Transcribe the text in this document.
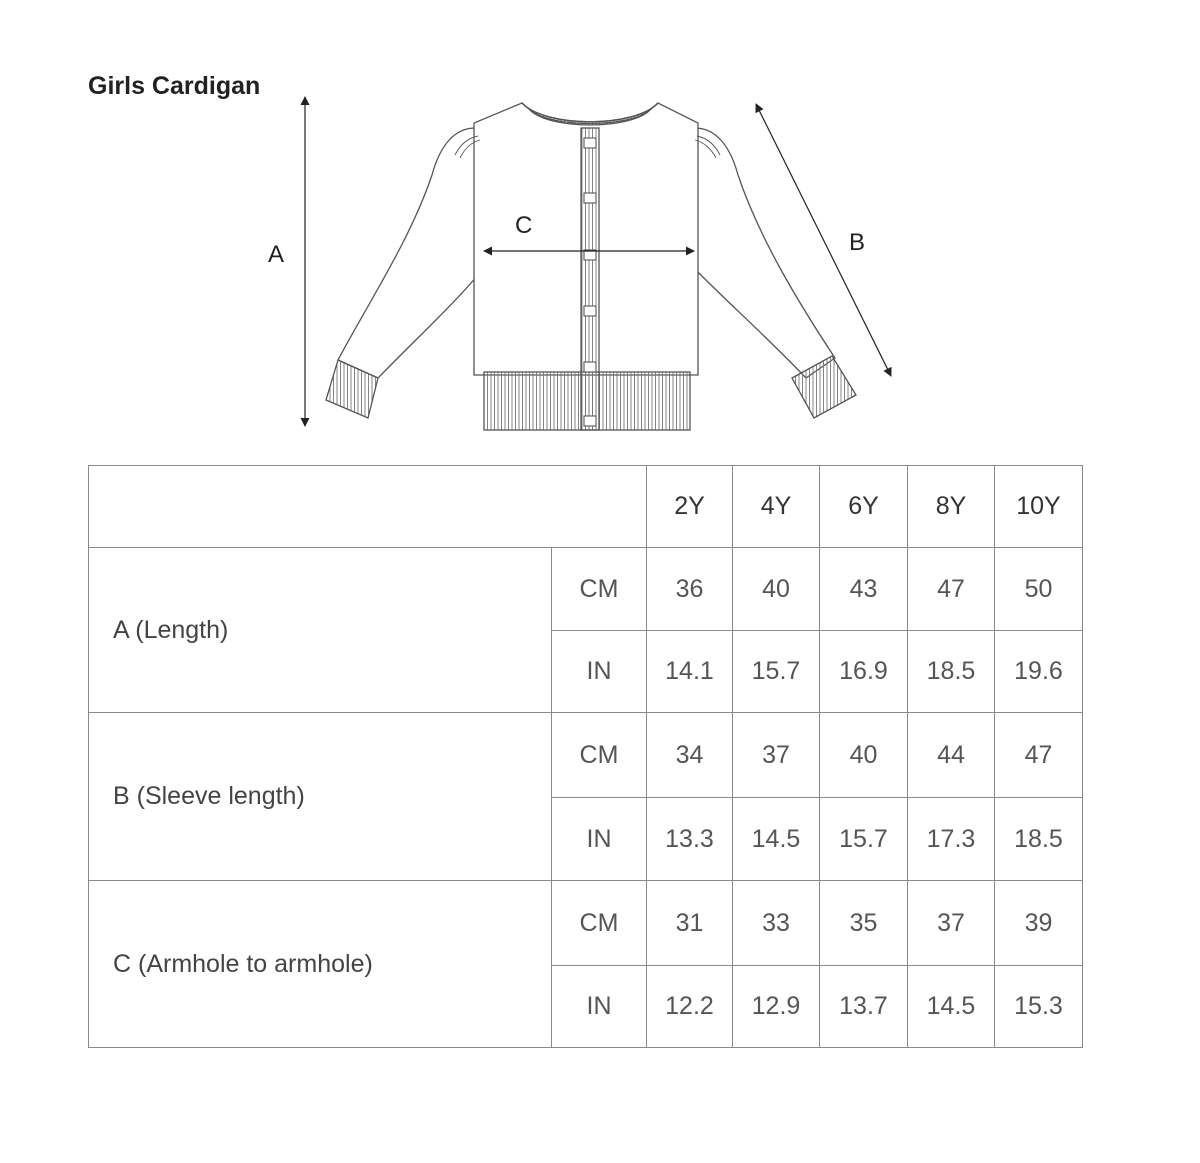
Girls Cardigan
A	B
C
		2Y	4Y	6Y	8Y	10Y
A (Length)	CM	36	40	43	47	50
	IN	14.1	15.7	16.9	18.5	19.6
B (Sleeve length)	CM	34	37	40	44	47
	IN	13.3	14.5	15.7	17.3	18.5
C (Armhole to armhole)	CM	31	33	35	37	39
	IN	12.2	12.9	13.7	14.5	15.3
